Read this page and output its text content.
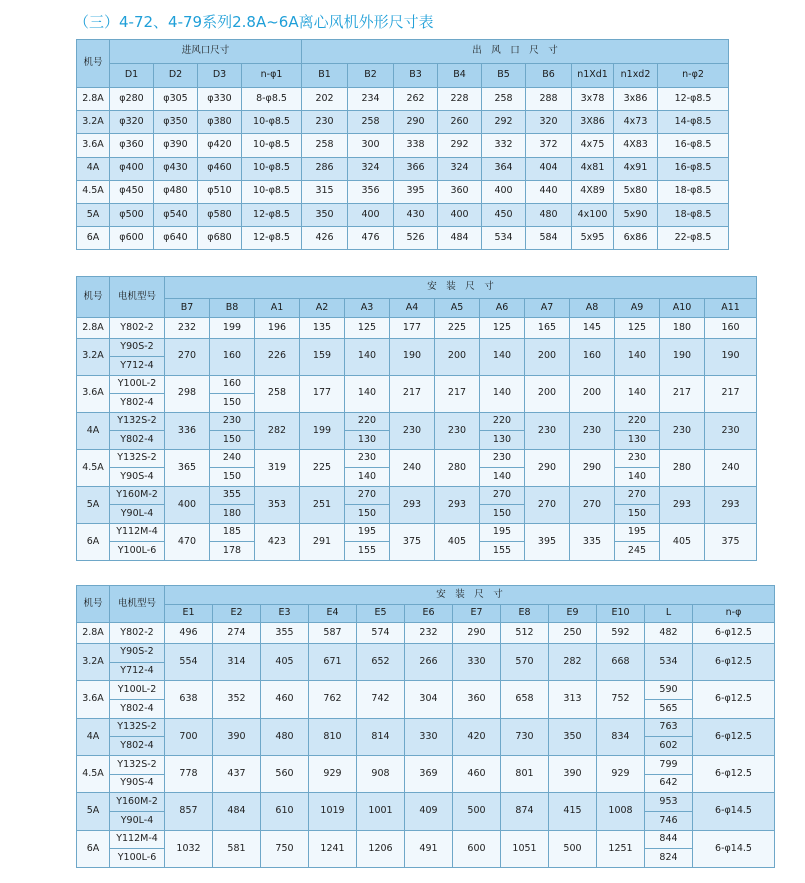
（三）4-72、4-79系列2.8A~6A离心风机外形尺寸表
机号	进风口尺寸				出　风　口　尺　寸								
	D1	D2	D3	n-φ1	B1	B2	B3	B4	B5	B6	n1Xd1	n1xd2	n-φ2
2.8A	φ280	φ305	φ330	8-φ8.5	202	234	262	228	258	288	3x78	3x86	12-φ8.5
3.2A	φ320	φ350	φ380	10-φ8.5	230	258	290	260	292	320	3X86	4x73	14-φ8.5
3.6A	φ360	φ390	φ420	10-φ8.5	258	300	338	292	332	372	4x75	4X83	16-φ8.5
4A	φ400	φ430	φ460	10-φ8.5	286	324	366	324	364	404	4x81	4x91	16-φ8.5
4.5A	φ450	φ480	φ510	10-φ8.5	315	356	395	360	400	440	4X89	5x80	18-φ8.5
5A	φ500	φ540	φ580	12-φ8.5	350	400	430	400	450	480	4x100	5x90	18-φ8.5
6A	φ600	φ640	φ680	12-φ8.5	426	476	526	484	534	584	5x95	6x86	22-φ8.5
机号	电机型号	安　装　尺　寸												
		B7	B8	A1	A2	A3	A4	A5	A6	A7	A8	A9	A10	A11
2.8A	Y802-2	232	199	196	135	125	177	225	125	165	145	125	180	160
3.2A	Y90S-2	270	160	226	159	140	190	200	140	200	160	140	190	190
	Y712-4													
3.6A	Y100L-2	298	160	258	177	140	217	217	140	200	200	140	217	217
	Y802-4		150											
4A	Y132S-2	336	230	282	199	220	230	230	220	230	230	220	230	230
	Y802-4		150			130			130			130		
4.5A	Y132S-2	365	240	319	225	230	240	280	230	290	290	230	280	240
	Y90S-4		150			140			140			140		
5A	Y160M-2	400	355	353	251	270	293	293	270	270	270	270	293	293
	Y90L-4		180			150			150			150		
6A	Y112M-4	470	185	423	291	195	375	405	195	395	335	195	405	375
	Y100L-6		178			155			155			245		
机号	电机型号	安　装　尺　寸											
		E1	E2	E3	E4	E5	E6	E7	E8	E9	E10	L	n-φ
2.8A	Y802-2	496	274	355	587	574	232	290	512	250	592	482	6-φ12.5
3.2A	Y90S-2	554	314	405	671	652	266	330	570	282	668	534	6-φ12.5
	Y712-4												
3.6A	Y100L-2	638	352	460	762	742	304	360	658	313	752	590	6-φ12.5
	Y802-4											565	
4A	Y132S-2	700	390	480	810	814	330	420	730	350	834	763	6-φ12.5
	Y802-4											602	
4.5A	Y132S-2	778	437	560	929	908	369	460	801	390	929	799	6-φ12.5
	Y90S-4											642	
5A	Y160M-2	857	484	610	1019	1001	409	500	874	415	1008	953	6-φ14.5
	Y90L-4											746	
6A	Y112M-4	1032	581	750	1241	1206	491	600	1051	500	1251	844	6-φ14.5
	Y100L-6											824	
